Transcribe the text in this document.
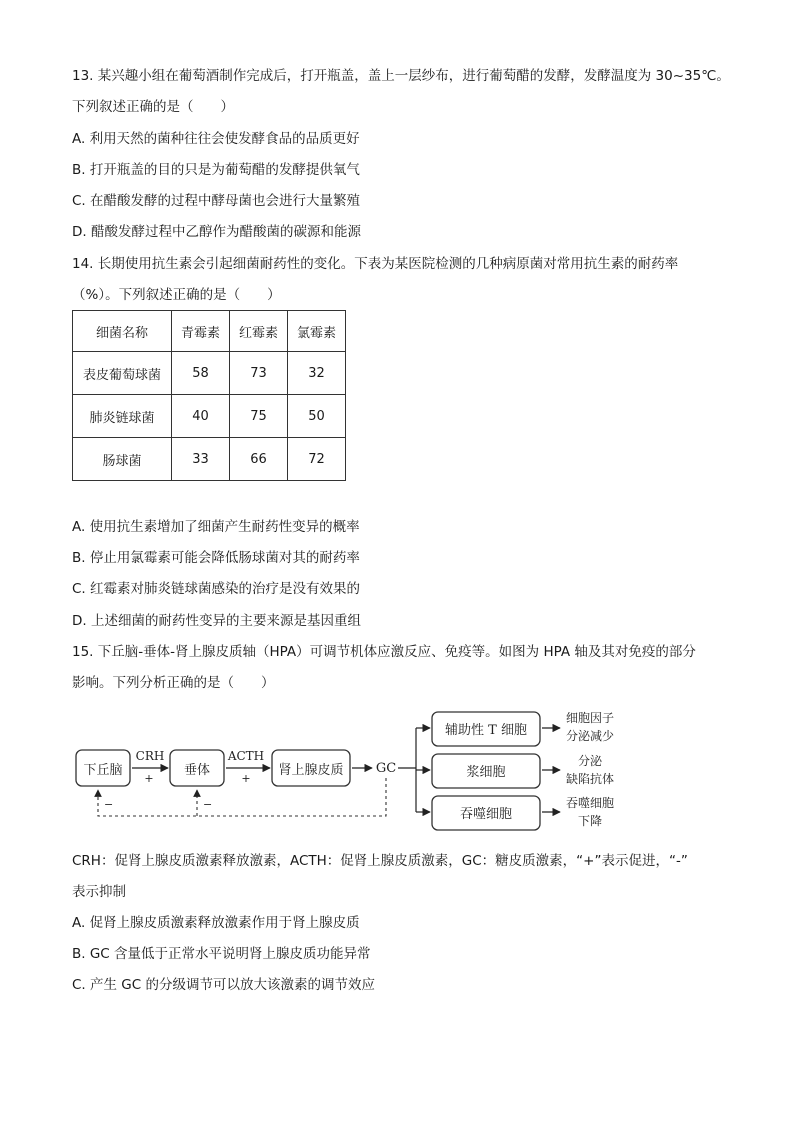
13. 某兴趣小组在葡萄酒制作完成后，打开瓶盖，盖上一层纱布，进行葡萄醋的发酵，发酵温度为 30~35℃。
下列叙述正确的是（　　）
A. 利用天然的菌种往往会使发酵食品的品质更好
B. 打开瓶盖的目的只是为葡萄醋的发酵提供氧气
C. 在醋酸发酵的过程中酵母菌也会进行大量繁殖
D. 醋酸发酵过程中乙醇作为醋酸菌的碳源和能源
14. 长期使用抗生素会引起细菌耐药性的变化。下表为某医院检测的几种病原菌对常用抗生素的耐药率
（%）。下列叙述正确的是（　　）
细菌名称	青霉素	红霉素	氯霉素
表皮葡萄球菌	58	73	32
肺炎链球菌	40	75	50
肠球菌	33	66	72
A. 使用抗生素增加了细菌产生耐药性变异的概率
B. 停止用氯霉素可能会降低肠球菌对其的耐药率
C. 红霉素对肺炎链球菌感染的治疗是没有效果的
D. 上述细菌的耐药性变异的主要来源是基因重组
15. 下丘脑-垂体-肾上腺皮质轴（HPA）可调节机体应激反应、免疫等。如图为 HPA 轴及其对免疫的部分
影响。下列分析正确的是（　　）
下丘脑	垂体	肾上腺皮质
CRH
+
ACTH
+
GC
−	−
辅助性 T 细胞
浆细胞
吞噬细胞
细胞因子
分泌减少
分泌
缺陷抗体
吞噬细胞
下降
CRH：促肾上腺皮质激素释放激素，ACTH：促肾上腺皮质激素，GC：糖皮质激素，“+”表示促进，“-”
表示抑制
A. 促肾上腺皮质激素释放激素作用于肾上腺皮质
B. GC 含量低于正常水平说明肾上腺皮质功能异常
C. 产生 GC 的分级调节可以放大该激素的调节效应
